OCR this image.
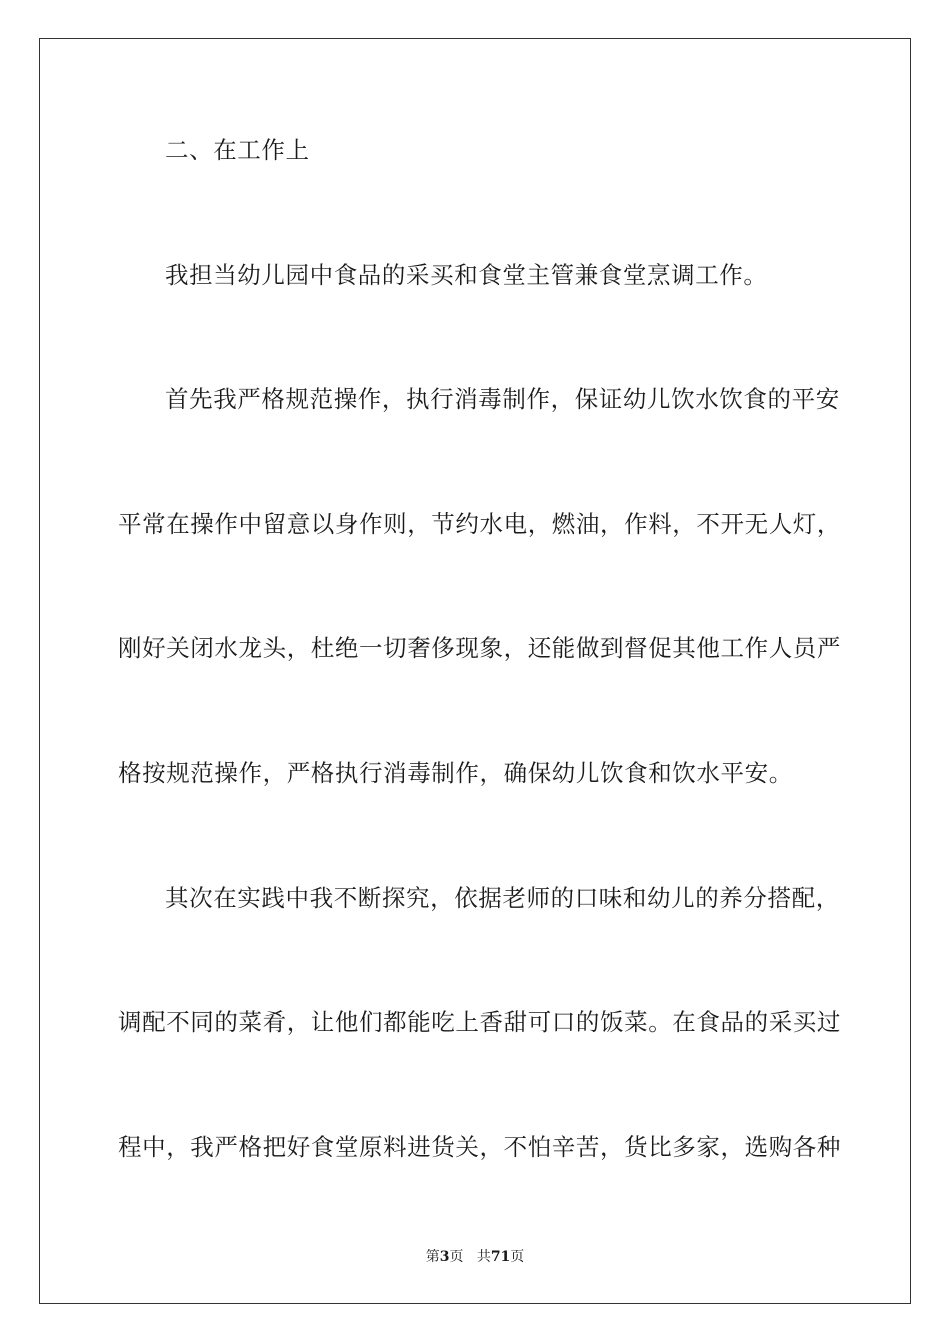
二、在工作上
我担当幼儿园中食品的采买和食堂主管兼食堂烹调工作。
首先我严格规范操作，执行消毒制作，保证幼儿饮水饮食的平安
平常在操作中留意以身作则，节约水电，燃油，作料，不开无人灯，
刚好关闭水龙头，杜绝一切奢侈现象，还能做到督促其他工作人员严
格按规范操作，严格执行消毒制作，确保幼儿饮食和饮水平安。
其次在实践中我不断探究，依据老师的口味和幼儿的养分搭配，
调配不同的菜肴，让他们都能吃上香甜可口的饭菜。在食品的采买过
程中，我严格把好食堂原料进货关，不怕辛苦，货比多家，选购各种
第3页 共71页
